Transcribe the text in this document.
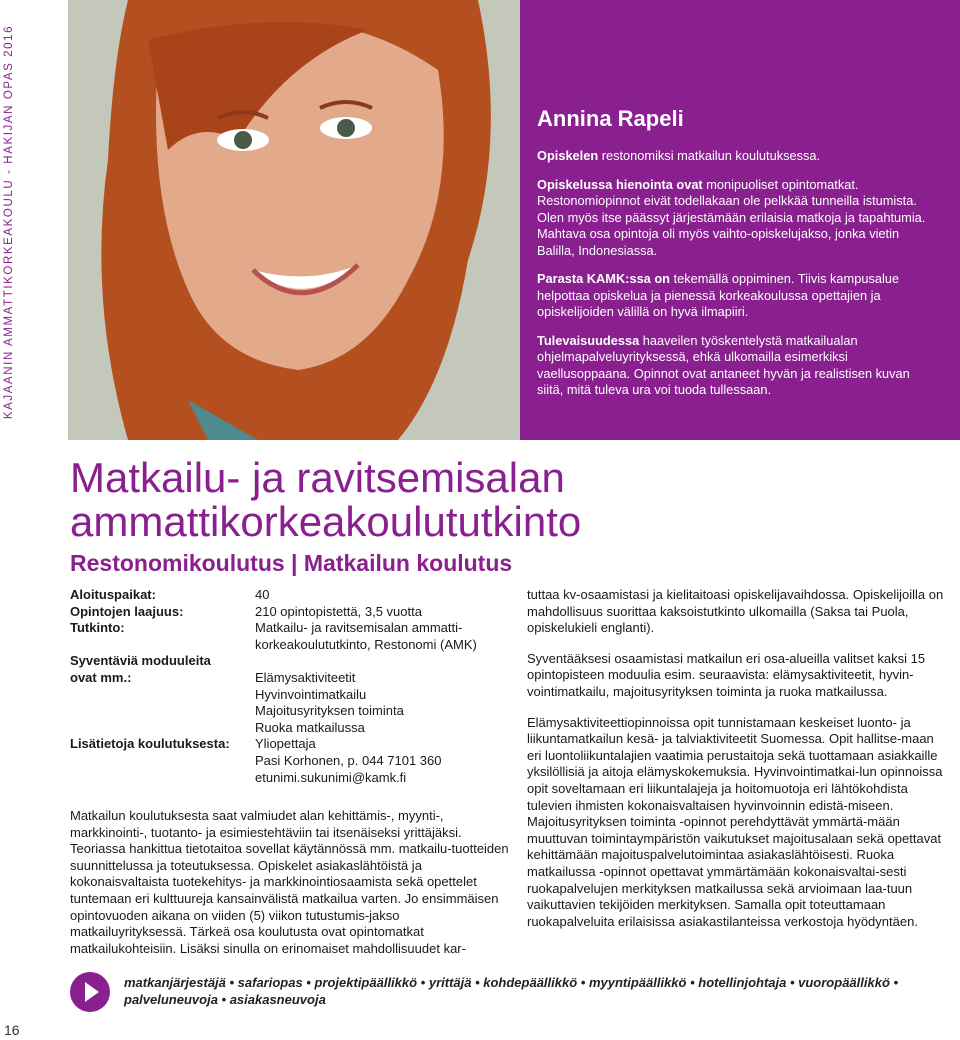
KAJAANIN AMMATTIKORKEAKOULU - HAKIJAN OPAS 2016
16
Annina Rapeli

Opiskelen restonomiksi matkailun koulutuksessa.

Opiskelussa hienointa ovat monipuoliset opintomatkat. Restonomiopinnot eivät todellakaan ole pelkkää tunneilla istumista. Olen myös itse päässyt järjestämään erilaisia matkoja ja tapahtumia. Mahtava osa opintoja oli myös vaihto-opiskelujakso, jonka vietin Balilla, Indonesiassa.

Parasta KAMK:ssa on tekemällä oppiminen. Tiivis kampusalue helpottaa opiskelua ja pienessä korkeakoulussa opettajien ja opiskelijoiden välillä on hyvä ilmapiiri.

Tulevaisuudessa haaveilen työskentelystä matkailualan ohjelmapalveluyrityksessä, ehkä ulkomailla esimerkiksi vaellusoppaana. Opinnot ovat antaneet hyvän ja realistisen kuvan siitä, mitä tuleva ura voi tuoda tullessaan.

Matkailu- ja ravitsemisalan ammattikorkeakoulututkinto
Restonomikoulutus | Matkailun koulutus
Aloituspaikat:	40
Opintojen laajuus:	210 opintopistettä, 3,5 vuotta
Tutkinto:	Matkailu- ja ravitsemisalan ammatti-
korkeakoulututkinto, Restonomi (AMK)
Syventäviä moduuleita
ovat mm.:	
Elämysaktiviteetit
Hyvinvointimatkailu
Majoitusyrityksen toiminta
Ruoka matkailussa
Lisätietoja koulutuksesta:	Yliopettaja
Pasi Korhonen, p. 044 7101 360
etunimi.sukunimi@kamk.fi
Matkailun koulutuksesta saat valmiudet alan kehittämis-, myynti-, markkinointi-, tuotanto- ja esimiestehtäviin tai itsenäiseksi yrittäjäksi. Teoriassa hankittua tietotaitoa sovellat käytännössä mm. matkailu-tuotteiden suunnittelussa ja toteutuksessa. Opiskelet asiakaslähtöistä ja kokonaisvaltaista tuotekehitys- ja markkinointiosaamista sekä opettelet tuntemaan eri kulttuureja kansainvälistä matkailua varten. Jo ensimmäisen opintovuoden aikana on viiden (5) viikon tutustumis-jakso matkailuyrityksessä. Tärkeä osa koulutusta ovat opintomatkat matkailukohteisiin. Lisäksi sinulla on erinomaiset mahdollisuudet kar-

tuttaa kv-osaamistasi ja kielitaitoasi opiskelijavaihdossa. Opiskelijoilla on mahdollisuus suorittaa kaksoistutkinto ulkomailla (Saksa tai Puola, opiskelukieli englanti).

Syventääksesi osaamistasi matkailun eri osa-alueilla valitset kaksi 15 opintopisteen moduulia esim. seuraavista: elämysaktiviteetit, hyvin-vointimatkailu, majoitusyrityksen toiminta ja ruoka matkailussa.

Elämysaktiviteettiopinnoissa opit tunnistamaan keskeiset luonto- ja liikuntamatkailun kesä- ja talviaktiviteetit Suomessa. Opit hallitse-maan eri luontoliikuntalajien vaatimia perustaitoja sekä tuottamaan asiakkaille yksilöllisiä ja aitoja elämyskokemuksia. Hyvinvointimatkai-lun opinnoissa opit soveltamaan eri liikuntalajeja ja hoitomuotoja eri lähtökohdista tulevien ihmisten kokonaisvaltaisen hyvinvoinnin edistä-miseen. Majoitusyrityksen toiminta -opinnot perehdyttävät ymmärtä-mään muuttuvan toimintaympäristön vaikutukset majoitusalaan sekä opettavat kehittämään majoituspalvelutoimintaa asiakaslähtöisesti. Ruoka matkailussa -opinnot opettavat ymmärtämään kokonaisvaltai-sesti ruokapalvelujen merkityksen matkailussa sekä arvioimaan laa-tuun vaikuttavien tekijöiden merkityksen. Samalla opit toteuttamaan ruokapalveluita erilaisissa asiakastilanteissa verkostoja hyödyntäen.

matkanjärjestäjä • safariopas • projektipäällikkö • yrittäjä • kohdepäällikkö • myyntipäällikkö • hotellinjohtaja • vuoropäällikkö • palveluneuvoja • asiakasneuvoja
